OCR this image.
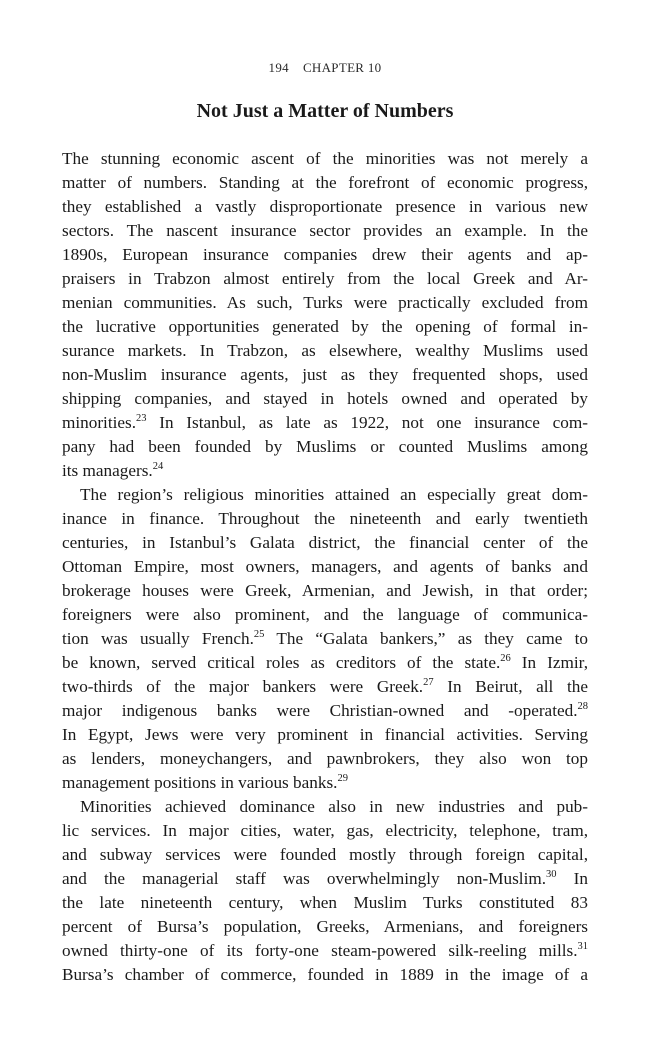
194 CHAPTER 10
Not Just a Matter of Numbers
The stunning economic ascent of the minorities was not merely a
matter of numbers. Standing at the forefront of economic progress,
they established a vastly disproportionate presence in various new
sectors. The nascent insurance sector provides an example. In the
1890s, European insurance companies drew their agents and ap-
praisers in Trabzon almost entirely from the local Greek and Ar-
menian communities. As such, Turks were practically excluded from
the lucrative opportunities generated by the opening of formal in-
surance markets. In Trabzon, as elsewhere, wealthy Muslims used
non-Muslim insurance agents, just as they frequented shops, used
shipping companies, and stayed in hotels owned and operated by
minorities.$^{23}$ In Istanbul, as late as 1922, not one insurance com-
pany had been founded by Muslims or counted Muslims among
its managers.$^{24}$
The region’s religious minorities attained an especially great dom-
inance in finance. Throughout the nineteenth and early twentieth
centuries, in Istanbul’s Galata district, the financial center of the
Ottoman Empire, most owners, managers, and agents of banks and
brokerage houses were Greek, Armenian, and Jewish, in that order;
foreigners were also prominent, and the language of communica-
tion was usually French.$^{25}$ The “Galata bankers,” as they came to
be known, served critical roles as creditors of the state.$^{26}$ In Izmir,
two-thirds of the major bankers were Greek.$^{27}$ In Beirut, all the
major indigenous banks were Christian-owned and -operated.$^{28}$
In Egypt, Jews were very prominent in financial activities. Serving
as lenders, moneychangers, and pawnbrokers, they also won top
management positions in various banks.$^{29}$
Minorities achieved dominance also in new industries and pub-
lic services. In major cities, water, gas, electricity, telephone, tram,
and subway services were founded mostly through foreign capital,
and the managerial staff was overwhelmingly non-Muslim.$^{30}$ In
the late nineteenth century, when Muslim Turks constituted 83
percent of Bursa’s population, Greeks, Armenians, and foreigners
owned thirty-one of its forty-one steam-powered silk-reeling mills.$^{31}$
Bursa’s chamber of commerce, founded in 1889 in the image of a
